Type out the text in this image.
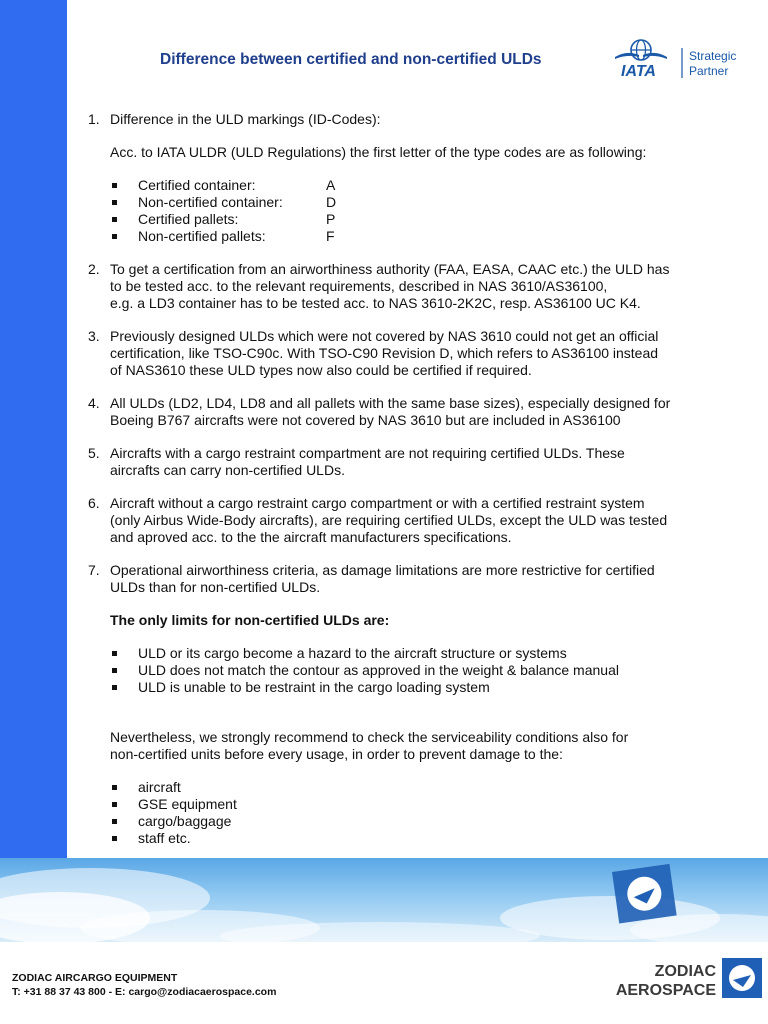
Difference between certified and non-certified ULDs
IATA
Strategic
Partner
1. Difference in the ULD markings (ID-Codes):

Acc. to IATA ULDR (ULD Regulations) the first letter of the type codes are as following:

Certified container:	A
Non-certified container:	D
Certified pallets:	P
Non-certified pallets:	F
2. To get a certification from an airworthiness authority (FAA, EASA, CAAC etc.) the ULD has

to be tested acc. to the relevant requirements, described in NAS 3610/AS36100,

e.g. a LD3 container has to be tested acc. to NAS 3610-2K2C, resp. AS36100 UC K4.

3. Previously designed ULDs which were not covered by NAS 3610 could not get an official

certification, like TSO-C90c. With TSO-C90 Revision D, which refers to AS36100 instead

of NAS3610 these ULD types now also could be certified if required.

4. All ULDs (LD2, LD4, LD8 and all pallets with the same base sizes), especially designed for

Boeing B767 aircrafts were not covered by NAS 3610 but are included in AS36100

5. Aircrafts with a cargo restraint compartment are not requiring certified ULDs. These

aircrafts can carry non-certified ULDs.

6. Aircraft without a cargo restraint cargo compartment or with a certified restraint system

(only Airbus Wide-Body aircrafts), are requiring certified ULDs, except the ULD was tested

and aproved acc. to the the aircraft manufacturers specifications.

7. Operational airworthiness criteria, as damage limitations are more restrictive for certified

ULDs than for non-certified ULDs.

The only limits for non-certified ULDs are:

ULD or its cargo become a hazard to the aircraft structure or systems
ULD does not match the contour as approved in the weight & balance manual
ULD is unable to be restraint in the cargo loading system

Nevertheless, we strongly recommend to check the serviceability conditions also for

non-certified units before every usage, in order to prevent damage to the:

aircraft
GSE equipment
cargo/baggage
staff etc.
ZODIAC AIRCARGO EQUIPMENT
T: +31 88 37 43 800 - E: cargo@zodiacaerospace.com
ZODIAC
AEROSPACE
